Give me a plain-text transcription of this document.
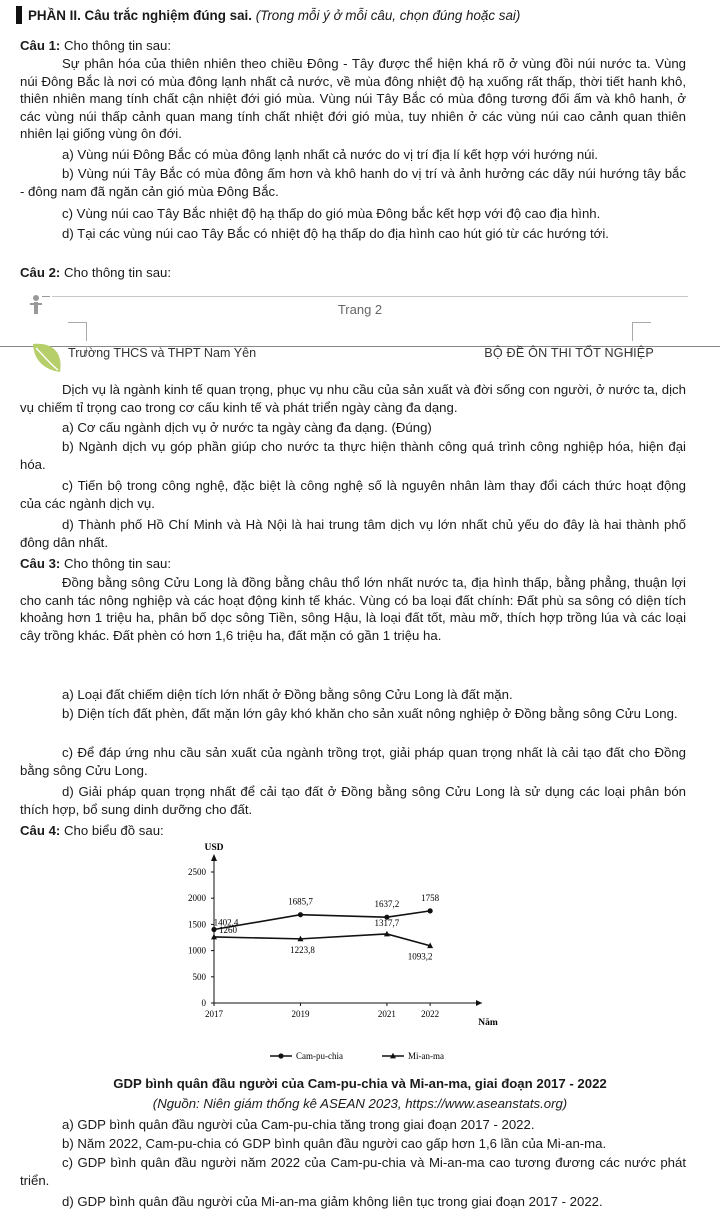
PHẦN II. Câu trắc nghiệm đúng sai. (Trong mỗi ý ở mỗi câu, chọn đúng hoặc sai)

Câu 1: Cho thông tin sau:

Sự phân hóa của thiên nhiên theo chiều Đông - Tây được thể hiện khá rõ ở vùng đồi núi nước ta. Vùng núi Đông Bắc là nơi có mùa đông lạnh nhất cả nước, về mùa đông nhiệt độ hạ xuống rất thấp, thời tiết hanh khô, thiên nhiên mang tính chất cận nhiệt đới gió mùa. Vùng núi Tây Bắc có mùa đông tương đối ấm và khô hanh, ở các vùng núi thấp cảnh quan mang tính chất nhiệt đới gió mùa, tuy nhiên ở các vùng núi cao cảnh quan thiên nhiên lại giống vùng ôn đới.

a) Vùng núi Đông Bắc có mùa đông lạnh nhất cả nước do vị trí địa lí kết hợp với hướng núi.

b) Vùng núi Tây Bắc có mùa đông ấm hơn và khô hanh do vị trí và ảnh hưởng các dãy núi hướng tây bắc - đông nam đã ngăn cản gió mùa Đông Bắc.

c) Vùng núi cao Tây Bắc nhiệt độ hạ thấp do gió mùa Đông bắc kết hợp với độ cao địa hình.

d) Tại các vùng núi cao Tây Bắc có nhiệt độ hạ thấp do địa hình cao hút gió từ các hướng tới.

Câu 2: Cho thông tin sau:

Trang 2
Trường THCS và THPT Nam Yên	BỘ ĐỀ ÔN THI TỐT NGHIỆP

Dịch vụ là ngành kinh tế quan trọng, phục vụ nhu cầu của sản xuất và đời sống con người, ở nước ta, dịch vụ chiếm tỉ trọng cao trong cơ cấu kinh tế và phát triển ngày càng đa dạng.

a) Cơ cấu ngành dịch vụ ở nước ta ngày càng đa dạng. (Đúng)

b) Ngành dịch vụ góp phần giúp cho nước ta thực hiện thành công quá trình công nghiệp hóa, hiện đại hóa.

c) Tiến bộ trong công nghệ, đặc biệt là công nghệ số là nguyên nhân làm thay đổi cách thức hoạt động của các ngành dịch vụ.

d) Thành phố Hồ Chí Minh và Hà Nội là hai trung tâm dịch vụ lớn nhất chủ yếu do đây là hai thành phố đông dân nhất.

Câu 3: Cho thông tin sau:

Đồng bằng sông Cửu Long là đồng bằng châu thổ lớn nhất nước ta, địa hình thấp, bằng phẳng, thuận lợi cho canh tác nông nghiệp và các hoạt động kinh tế khác. Vùng có ba loại đất chính: Đất phù sa sông có diện tích khoảng hơn 1 triệu ha, phân bố dọc sông Tiền, sông Hậu, là loại đất tốt, màu mỡ, thích hợp trồng lúa và các loại cây trồng khác. Đất phèn có hơn 1,6 triệu ha, đất mặn có gần 1 triệu ha.

a) Loại đất chiếm diện tích lớn nhất ở Đồng bằng sông Cửu Long là đất mặn.

b) Diện tích đất phèn, đất mặn lớn gây khó khăn cho sản xuất nông nghiệp ở Đồng bằng sông Cửu Long.

c) Để đáp ứng nhu cầu sản xuất của ngành trồng trọt, giải pháp quan trọng nhất là cải tạo đất cho Đồng bằng sông Cửu Long.

d) Giải pháp quan trọng nhất để cải tạo đất ở Đồng bằng sông Cửu Long là sử dụng các loại phân bón thích hợp, bổ sung dinh dưỡng cho đất.

Câu 4: Cho biểu đồ sau:

USD
Năm
0
500
1000
1500
2000
2500
2017	2019	2021	2022
1402,4
1685,7	1637,2
1758
1260
1223,8
1317,7
1093,2
Cam-pu-chia	Mi-an-ma
GDP bình quân đầu người của Cam-pu-chia và Mi-an-ma, giai đoạn 2017 - 2022
(Nguồn: Niên giám thống kê ASEAN 2023, https://www.aseanstats.org)

a) GDP bình quân đầu người của Cam-pu-chia tăng trong giai đoạn 2017 - 2022.

b) Năm 2022, Cam-pu-chia có GDP bình quân đầu người cao gấp hơn 1,6 lần của Mi-an-ma.

c) GDP bình quân đầu người năm 2022 của Cam-pu-chia và Mi-an-ma cao tương đương các nước phát triển.

d) GDP bình quân đầu người của Mi-an-ma giảm không liên tục trong giai đoạn 2017 - 2022.
